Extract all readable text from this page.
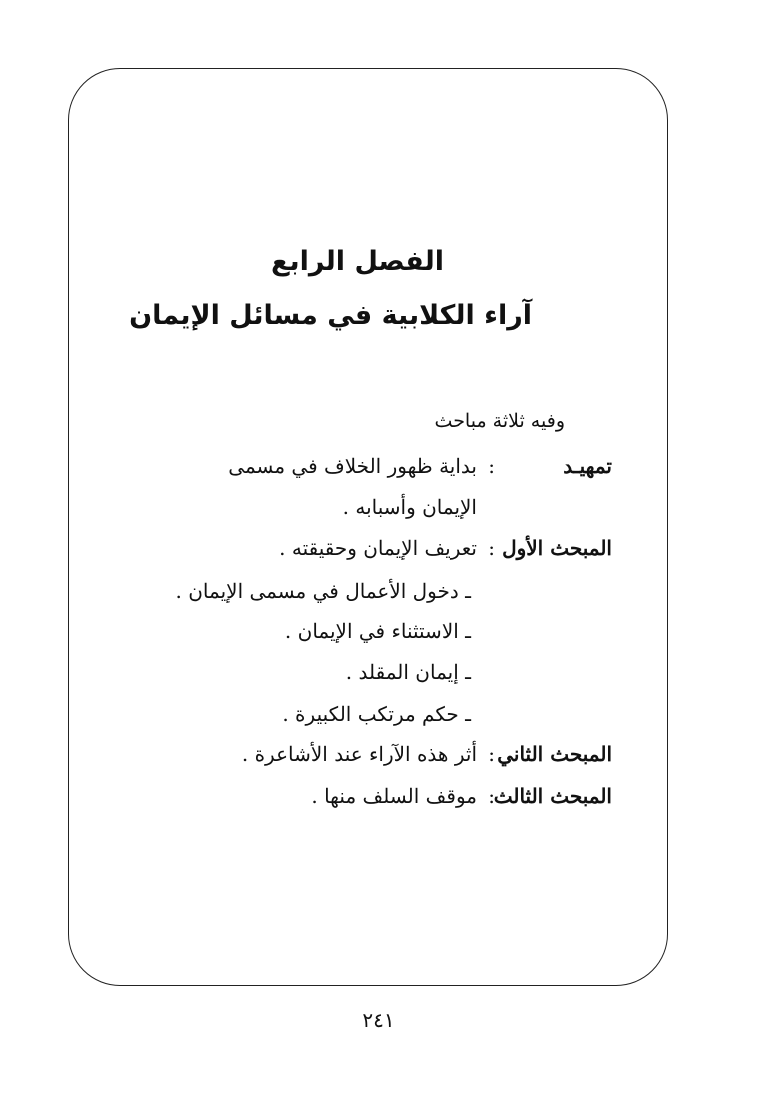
الفصل الرابع
آراء الكلابية في مسائل الإيمان
وفيه ثلاثة مباحث
تمهيـد
:
بداية ظهور الخلاف في مسمى
الإيمان وأسبابه .
المبحث الأول
:
تعريف الإيمان وحقيقته .
ـ دخول الأعمال في مسمى الإيمان .
ـ الاستثناء في الإيمان .
ـ إيمان المقلد .
ـ حكم مرتكب الكبيرة .
المبحث الثاني
:
أثر هذه الآراء عند الأشاعرة .
المبحث الثالث
:
موقف السلف منها .
٢٤١
